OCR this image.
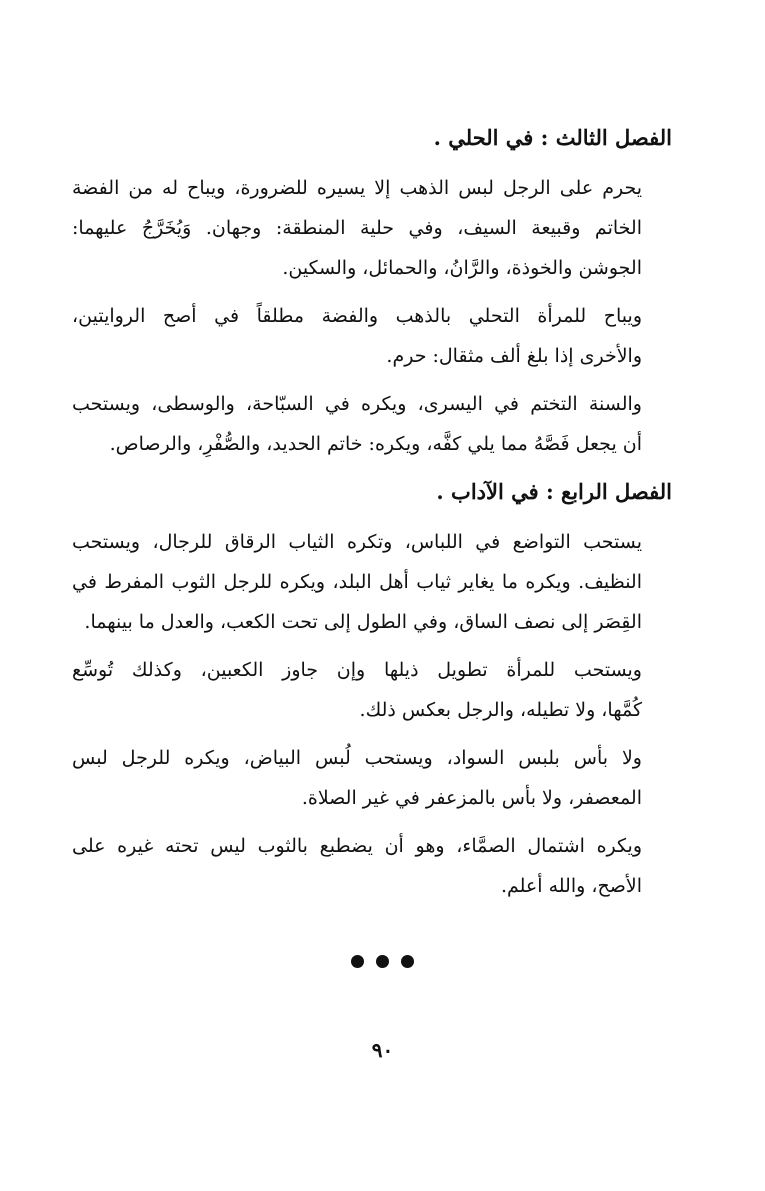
الفصل الثالث : في الحلي .

يحرم على الرجل لبس الذهب إلا يسيره للضرورة، ويباح له من الفضة
الخاتم وقبيعة السيف، وفي حلية المنطقة: وجهان. وَيُخَرَّجُ عليهما:
الجوشن والخوذة، والرَّانُ، والحمائل، والسكين.

ويباح للمرأة التحلي بالذهب والفضة مطلقاً في أصح الروايتين،
والأخرى إذا بلغ ألف مثقال: حرم.

والسنة التختم في اليسرى، ويكره في السبّاحة، والوسطى، ويستحب
أن يجعل فَصَّهُ مما يلي كفَّه، ويكره: خاتم الحديد، والصُّفْرِ، والرصاص.

الفصل الرابع : في الآداب .

يستحب التواضع في اللباس، وتكره الثياب الرقاق للرجال، ويستحب
النظيف. ويكره ما يغاير ثياب أهل البلد، ويكره للرجل الثوب المفرط في
القِصَر إلى نصف الساق، وفي الطول إلى تحت الكعب، والعدل ما بينهما.

ويستحب للمرأة تطويل ذيلها وإن جاوز الكعبين، وكذلك تُوسِّع
كُمَّها، ولا تطيله، والرجل بعكس ذلك.

ولا بأس بلبس السواد، ويستحب لُبس البياض، ويكره للرجل لبس
المعصفر، ولا بأس بالمزعفر في غير الصلاة.

ويكره اشتمال الصمَّاء، وهو أن يضطبع بالثوب ليس تحته غيره على
الأصح، والله أعلم.

٩٠
